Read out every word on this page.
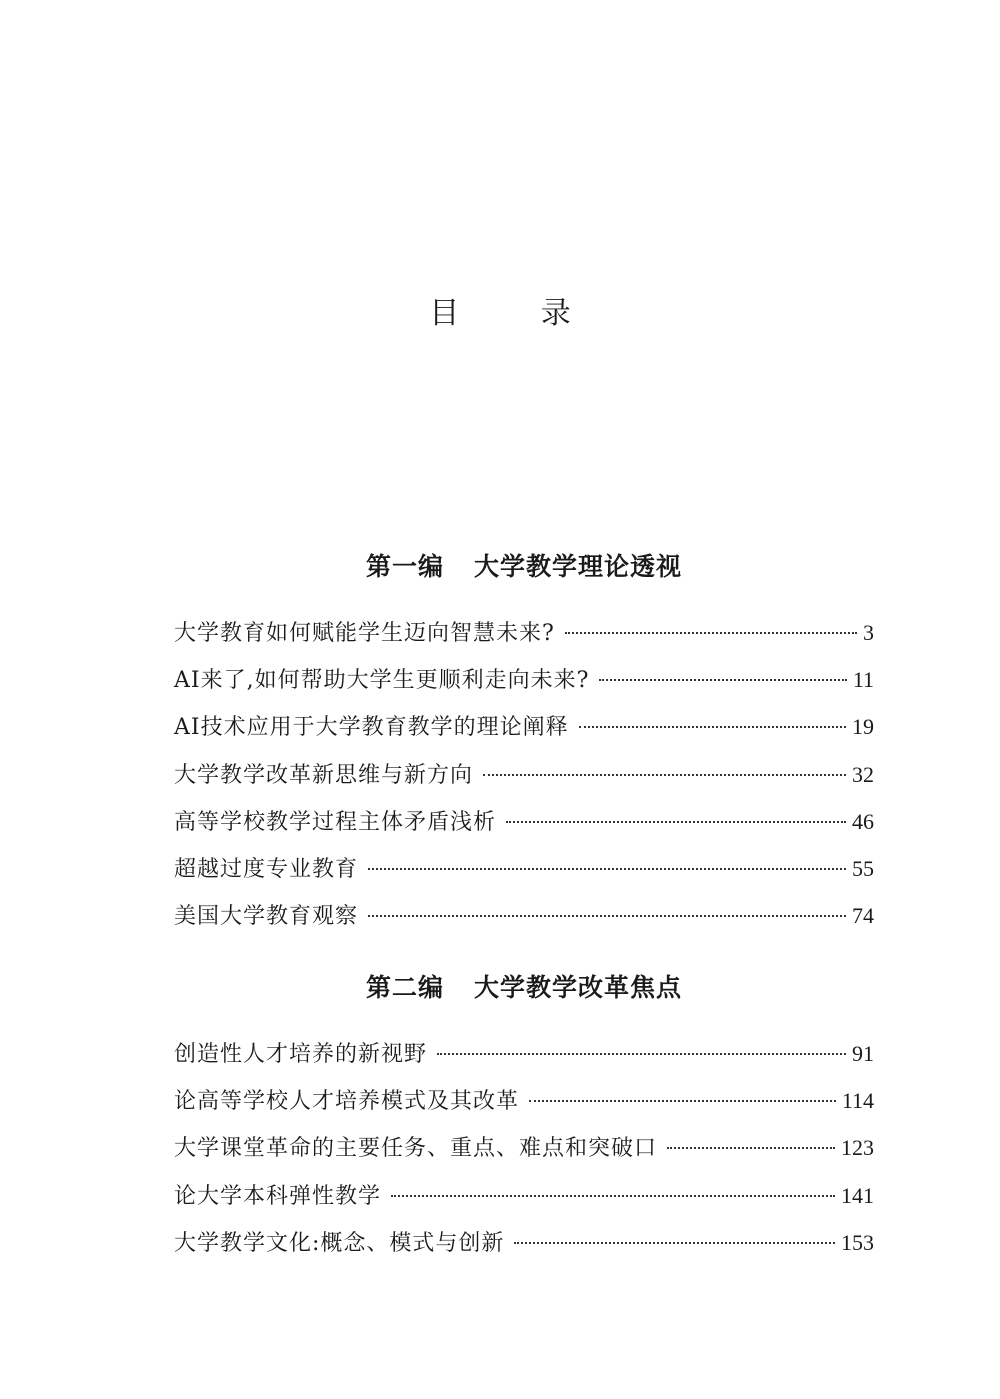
目 录
第一编 大学教学理论透视
大学教育如何赋能学生迈向智慧未来?	3
AI来了,如何帮助大学生更顺利走向未来?	11
AI技术应用于大学教育教学的理论阐释	19
大学教学改革新思维与新方向	32
高等学校教学过程主体矛盾浅析	46
超越过度专业教育	55
美国大学教育观察	74
第二编 大学教学改革焦点
创造性人才培养的新视野	91
论高等学校人才培养模式及其改革	114
大学课堂革命的主要任务、重点、难点和突破口	123
论大学本科弹性教学	141
大学教学文化:概念、模式与创新	153
